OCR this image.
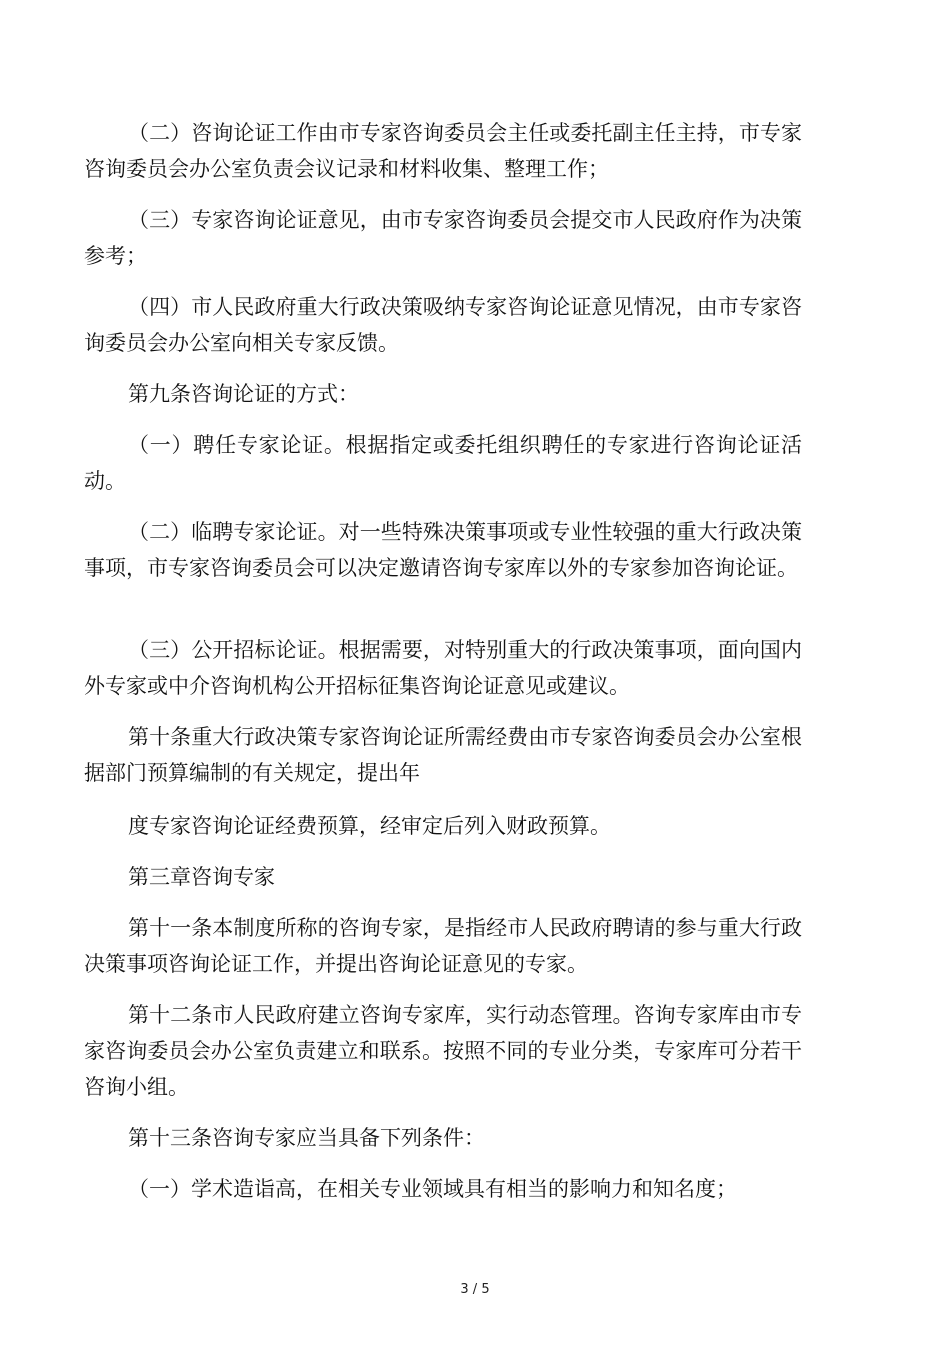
（二）咨询论证工作由市专家咨询委员会主任或委托副主任主持，市专家咨询委员会办公室负责会议记录和材料收集、整理工作；

（三）专家咨询论证意见，由市专家咨询委员会提交市人民政府作为决策参考；

（四）市人民政府重大行政决策吸纳专家咨询论证意见情况，由市专家咨询委员会办公室向相关专家反馈。

第九条咨询论证的方式：

（一）聘任专家论证。根据指定或委托组织聘任的专家进行咨询论证活动。

（二）临聘专家论证。对一些特殊决策事项或专业性较强的重大行政决策事项，市专家咨询委员会可以决定邀请咨询专家库以外的专家参加咨询论证。

（三）公开招标论证。根据需要，对特别重大的行政决策事项，面向国内外专家或中介咨询机构公开招标征集咨询论证意见或建议。

第十条重大行政决策专家咨询论证所需经费由市专家咨询委员会办公室根据部门预算编制的有关规定，提出年

度专家咨询论证经费预算，经审定后列入财政预算。

第三章咨询专家

第十一条本制度所称的咨询专家，是指经市人民政府聘请的参与重大行政决策事项咨询论证工作，并提出咨询论证意见的专家。

第十二条市人民政府建立咨询专家库，实行动态管理。咨询专家库由市专家咨询委员会办公室负责建立和联系。按照不同的专业分类，专家库可分若干咨询小组。

第十三条咨询专家应当具备下列条件：

（一）学术造诣高，在相关专业领域具有相当的影响力和知名度；

3 / 5
